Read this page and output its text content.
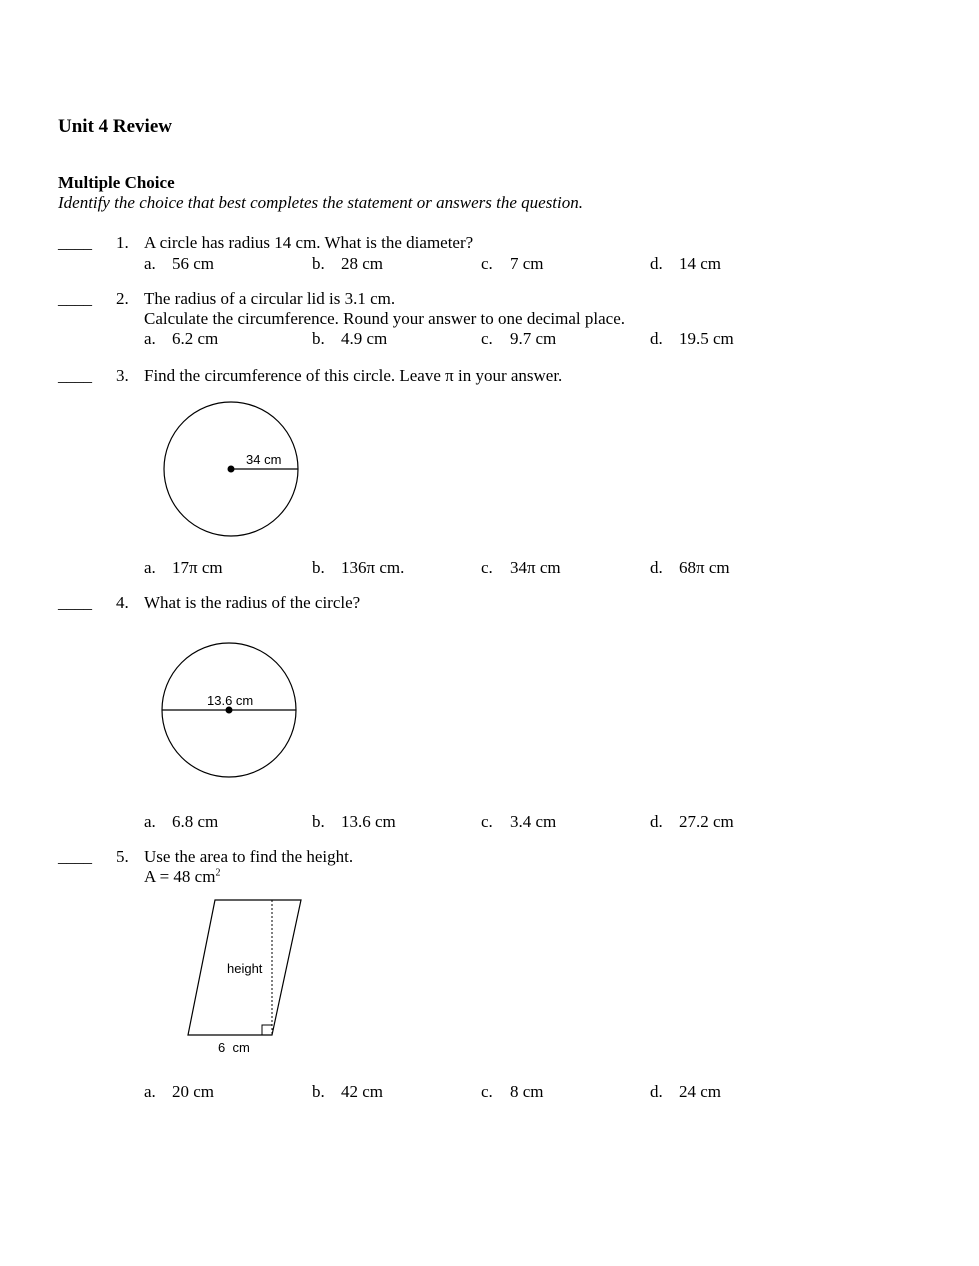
Unit 4 Review
Multiple Choice
Identify the choice that best completes the statement or answers the question.
____ 1. A circle has radius 14 cm. What is the diameter?
a. 56 cm	b. 28 cm	c. 7 cm	d. 14 cm
____ 2. The radius of a circular lid is 3.1 cm.
Calculate the circumference. Round your answer to one decimal place.
a. 6.2 cm	b. 4.9 cm	c. 9.7 cm	d. 19.5 cm
____ 3. Find the circumference of this circle. Leave π in your answer.
34 cm
a. 17π cm	b. 136π cm.	c. 34π cm	d. 68π cm
____ 4. What is the radius of the circle?
13.6 cm
a. 6.8 cm	b. 13.6 cm	c. 3.4 cm	d. 27.2 cm
____ 5. Use the area to find the height.
A = 48 $cm^2$
height
6  cm
a. 20 cm	b. 42 cm	c. 8 cm	d. 24 cm
